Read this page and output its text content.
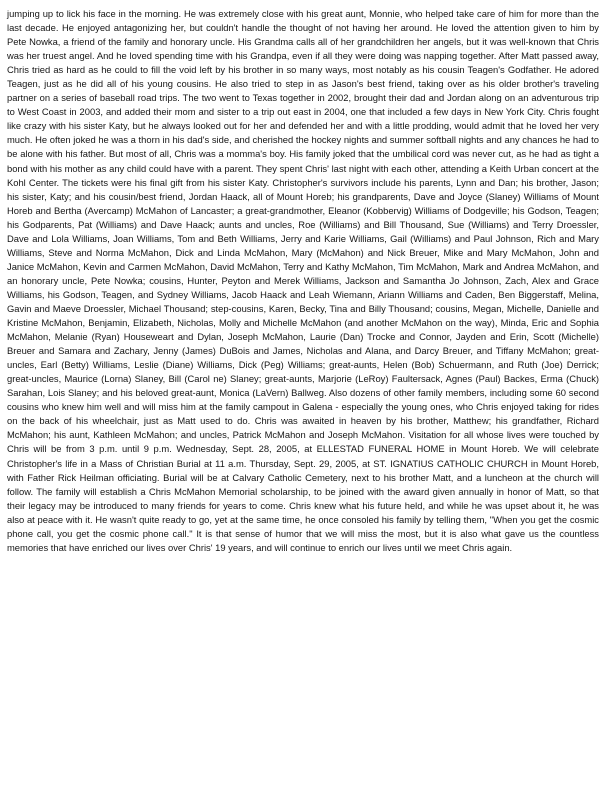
jumping up to lick his face in the morning. He was extremely close with his great aunt, Monnie, who helped take care of him for more than the last decade. He enjoyed antagonizing her, but couldn't handle the thought of not having her around. He loved the attention given to him by Pete Nowka, a friend of the family and honorary uncle. His Grandma calls all of her grandchildren her angels, but it was well-known that Chris was her truest angel. And he loved spending time with his Grandpa, even if all they were doing was napping together. After Matt passed away, Chris tried as hard as he could to fill the void left by his brother in so many ways, most notably as his cousin Teagen's Godfather. He adored Teagen, just as he did all of his young cousins. He also tried to step in as Jason's best friend, taking over as his older brother's traveling partner on a series of baseball road trips. The two went to Texas together in 2002, brought their dad and Jordan along on an adventurous trip to West Coast in 2003, and added their mom and sister to a trip out east in 2004, one that included a few days in New York City. Chris fought like crazy with his sister Katy, but he always looked out for her and defended her and with a little prodding, would admit that he loved her very much. He often joked he was a thorn in his dad's side, and cherished the hockey nights and summer softball nights and any chances he had to be alone with his father. But most of all, Chris was a momma's boy. His family joked that the umbilical cord was never cut, as he had as tight a bond with his mother as any child could have with a parent. They spent Chris' last night with each other, attending a Keith Urban concert at the Kohl Center. The tickets were his final gift from his sister Katy. Christopher's survivors include his parents, Lynn and Dan; his brother, Jason; his sister, Katy; and his cousin/best friend, Jordan Haack, all of Mount Horeb; his grandparents, Dave and Joyce (Slaney) Williams of Mount Horeb and Bertha (Avercamp) McMahon of Lancaster; a great-grandmother, Eleanor (Kobbervig) Williams of Dodgeville; his Godson, Teagen; his Godparents, Pat (Williams) and Dave Haack; aunts and uncles, Roe (Williams) and Bill Thousand, Sue (Williams) and Terry Droessler, Dave and Lola Williams, Joan Williams, Tom and Beth Williams, Jerry and Karie Williams, Gail (Williams) and Paul Johnson, Rich and Mary Williams, Steve and Norma McMahon, Dick and Linda McMahon, Mary (McMahon) and Nick Breuer, Mike and Mary McMahon, John and Janice McMahon, Kevin and Carmen McMahon, David McMahon, Terry and Kathy McMahon, Tim McMahon, Mark and Andrea McMahon, and an honorary uncle, Pete Nowka; cousins, Hunter, Peyton and Merek Williams, Jackson and Samantha Jo Johnson, Zach, Alex and Grace Williams, his Godson, Teagen, and Sydney Williams, Jacob Haack and Leah Wiemann, Ariann Williams and Caden, Ben Biggerstaff, Melina, Gavin and Maeve Droessler, Michael Thousand; step-cousins, Karen, Becky, Tina and Billy Thousand; cousins, Megan, Michelle, Danielle and Kristine McMahon, Benjamin, Elizabeth, Nicholas, Molly and Michelle McMahon (and another McMahon on the way), Minda, Eric and Sophia McMahon, Melanie (Ryan) Houseweart and Dylan, Joseph McMahon, Laurie (Dan) Trocke and Connor, Jayden and Erin, Scott (Michelle) Breuer and Samara and Zachary, Jenny (James) DuBois and James, Nicholas and Alana, and Darcy Breuer, and Tiffany McMahon; great-uncles, Earl (Betty) Williams, Leslie (Diane) Williams, Dick (Peg) Williams; great-aunts, Helen (Bob) Schuermann, and Ruth (Joe) Derrick; great-uncles, Maurice (Lorna) Slaney, Bill (Carol ne) Slaney; great-aunts, Marjorie (LeRoy) Faultersack, Agnes (Paul) Backes, Erma (Chuck) Sarahan, Lois Slaney; and his beloved great-aunt, Monica (LaVern) Ballweg. Also dozens of other family members, including some 60 second cousins who knew him well and will miss him at the family campout in Galena - especially the young ones, who Chris enjoyed taking for rides on the back of his wheelchair, just as Matt used to do. Chris was awaited in heaven by his brother, Matthew; his grandfather, Richard McMahon; his aunt, Kathleen McMahon; and uncles, Patrick McMahon and Joseph McMahon. Visitation for all whose lives were touched by Chris will be from 3 p.m. until 9 p.m. Wednesday, Sept. 28, 2005, at ELLESTAD FUNERAL HOME in Mount Horeb. We will celebrate Christopher's life in a Mass of Christian Burial at 11 a.m. Thursday, Sept. 29, 2005, at ST. IGNATIUS CATHOLIC CHURCH in Mount Horeb, with Father Rick Heilman officiating. Burial will be at Calvary Catholic Cemetery, next to his brother Matt, and a luncheon at the church will follow. The family will establish a Chris McMahon Memorial scholarship, to be joined with the award given annually in honor of Matt, so that their legacy may be introduced to many friends for years to come. Chris knew what his future held, and while he was upset about it, he was also at peace with it. He wasn't quite ready to go, yet at the same time, he once consoled his family by telling them, "When you get the cosmic phone call, you get the cosmic phone call." It is that sense of humor that we will miss the most, but it is also what gave us the countless memories that have enriched our lives over Chris' 19 years, and will continue to enrich our lives until we meet Chris again.
